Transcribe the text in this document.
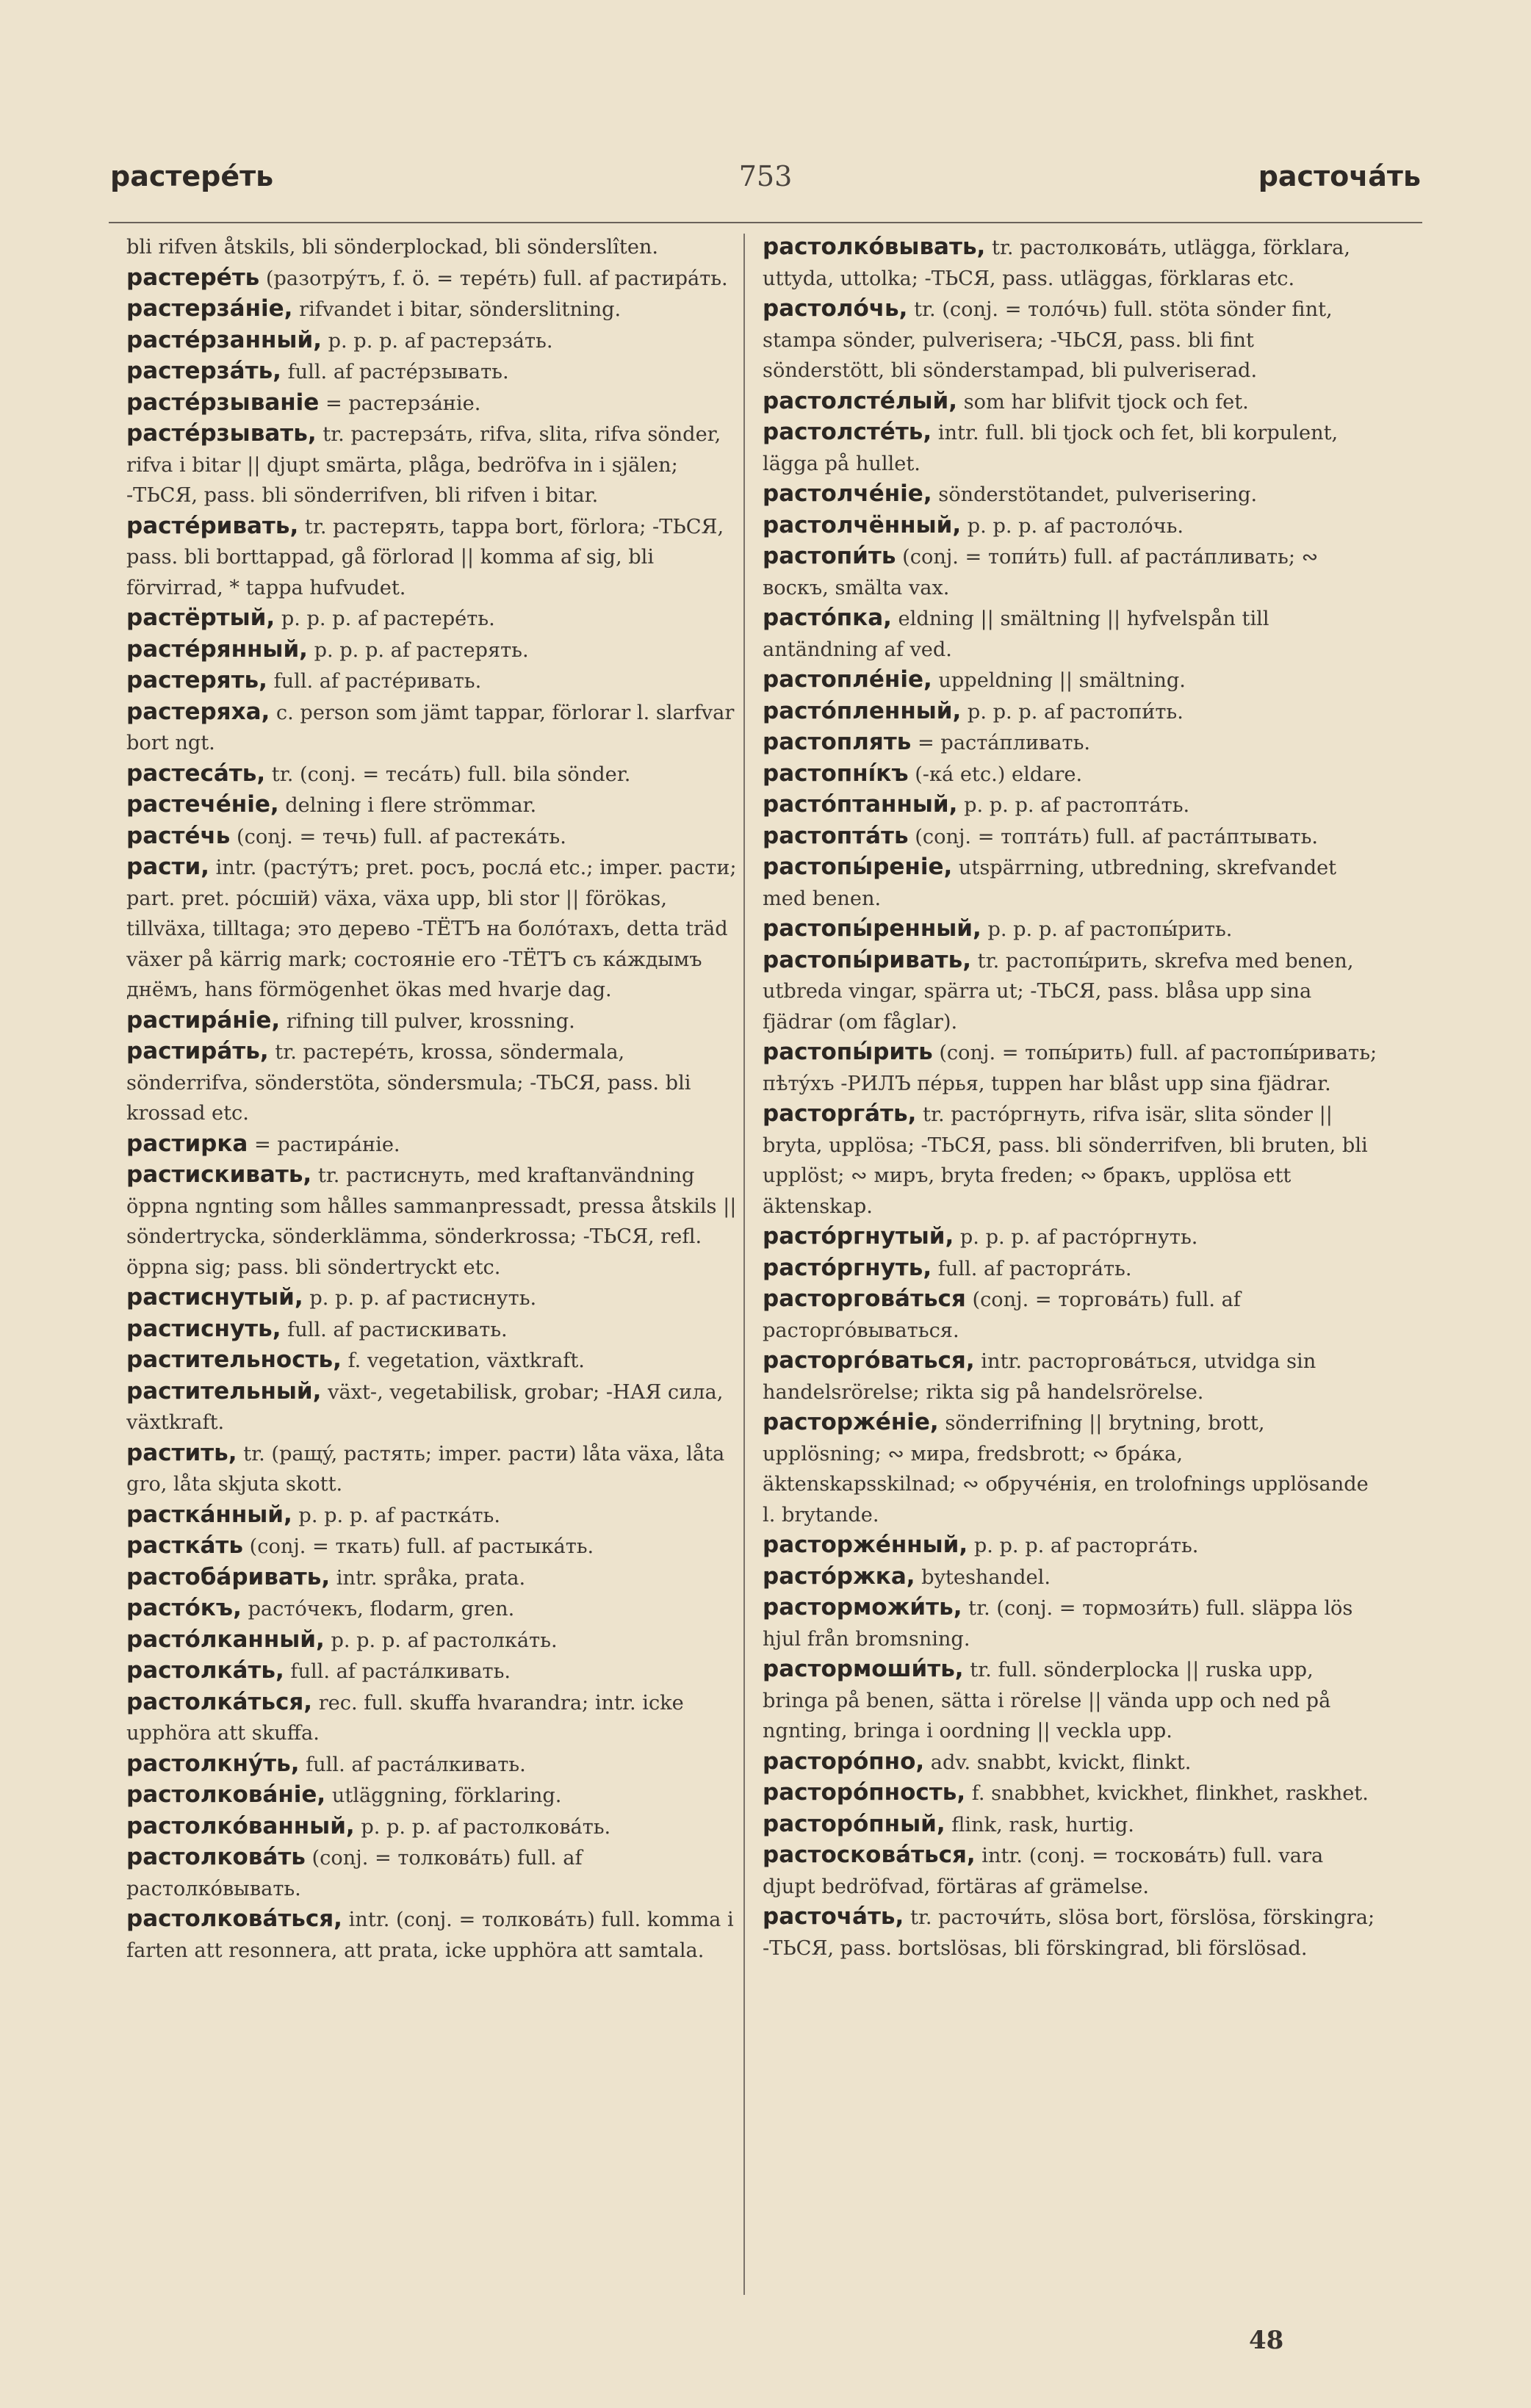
растерéть	753	расточáть

bli rifven åtskils, bli sönderplockad, bli sönderslîten.

растерéть (разотрýтъ, f. ö. = терéть) full. af растирáть.

растерзáнie, rifvandet i bitar, sönderslitning.

растéрзанный, p. p. p. af растерзáть.

растерзáть, full. af растéрзывать.

растéрзыванie = растерзáнie.

растéрзывать, tr. растерзáть, rifva, slita, rifva sönder, rifva i bitar || djupt smärta, plåga, bedröfva in i själen; -ТЬСЯ, pass. bli sönderrifven, bli rifven i bitar.

растéривать, tr. растерять, tappa bort, förlora; -ТЬСЯ, pass. bli borttappad, gå förlorad || komma af sig, bli förvirrad, * tappa hufvudet.

растёртый, p. p. p. af растерéть.

растéрянный, p. p. p. af растерять.

растерять, full. af растéривать.

растеряха, c. person som jämt tappar, förlorar l. slarfvar bort ngt.

растесáть, tr. (conj. = тесáть) full. bila sönder.

растечéнie, delning i flere strömmar.

растéчь (conj. = течь) full. af растекáть.

расти, intr. (растýтъ; pret. росъ, рослá etc.; imper. расти; part. pret. рóсшiй) växa, växa upp, bli stor || förökas, tillväxa, tilltaga; это дерево -ТЁТЪ на болóтахъ, detta träd växer på kärrig mark; состоянie его -ТЁТЪ съ кáждымъ днёмъ, hans förmögenhet ökas med hvarje dag.

растирáнie, rifning till pulver, krossning.

растирáть, tr. растерéть, krossa, söndermala, sönderrifva, sönderstöta, söndersmula; -ТЬСЯ, pass. bli krossad etc.

растирка = растирáнie.

растискивать, tr. растиснуть, med kraftanvändning öppna ngnting som hålles sammanpressadt, pressa åtskils || söndertrycka, sönderklämma, sönderkrossa; -ТЬСЯ, refl. öppna sig; pass. bli söndertryckt etc.

растиснутый, p. p. p. af растиснуть.

растиснуть, full. af растискивать.

растительность, f. vegetation, växtkraft.

растительный, växt-, vegetabilisk, grobar; -НАЯ сила, växtkraft.

растить, tr. (ращý, растять; imper. расти) låta växa, låta gro, låta skjuta skott.

расткáнный, p. p. p. af расткáть.

расткáть (conj. = ткать) full. af растыкáть.

растобáривать, intr. språka, prata.

растóкъ, растóчекъ, flodarm, gren.

растóлканный, p. p. p. af растолкáть.

растолкáть, full. af растáлкивать.

растолкáться, rec. full. skuffa hvarandra; intr. icke upphöra att skuffa.

растолкнýть, full. af растáлкивать.

растолковáнie, utläggning, förklaring.

растолкóванный, p. p. p. af растолковáть.

растолковáть (conj. = толковáть) full. af растолкóвывать.

растолковáться, intr. (conj. = толковáть) full. komma i farten att resonnera, att prata, icke upphöra att samtala.

растолкóвывать, tr. растолковáть, utlägga, förklara, uttyda, uttolka; -ТЬСЯ, pass. utläggas, förklaras etc.

растолóчь, tr. (conj. = толóчь) full. stöta sönder fint, stampa sönder, pulverisera; -ЧЬСЯ, pass. bli fint sönderstött, bli sönderstampad, bli pulveriserad.

растолстéлый, som har blifvit tjock och fet.

растолстéть, intr. full. bli tjock och fet, bli korpulent, lägga på hullet.

растолчéнie, sönderstötandet, pulverisering.

растолчённый, p. p. p. af растолóчь.

растопи́ть (conj. = топи́ть) full. af растáпливать; ∾ воскъ, smälta vax.

растóпка, eldning || smältning || hyfvelspån till antändning af ved.

растоплéнie, uppeldning || smältning.

растóпленный, p. p. p. af растопи́ть.

растоплять = растáпливать.

растопнíкъ (-кá etc.) eldare.

растóптанный, p. p. p. af растоптáть.

растоптáть (conj. = топтáть) full. af растáптывать.

растопы́ренie, utspärrning, utbredning, skrefvandet med benen.

растопы́ренный, p. p. p. af растопы́рить.

растопы́ривать, tr. растопы́рить, skrefva med benen, utbreda vingar, spärra ut; -ТЬСЯ, pass. blåsa upp sina fjädrar (om fåglar).

растопы́рить (conj. = топы́рить) full. af растопы́ривать; пѣтýхъ -РИЛЪ пéрья, tuppen har blåst upp sina fjädrar.

расторгáть, tr. растóргнуть, rifva isär, slita sönder || bryta, upplösa; -ТЬСЯ, pass. bli sönderrifven, bli bruten, bli upplöst; ∾ миръ, bryta freden; ∾ бракъ, upplösa ett äktenskap.

растóргнутый, p. p. p. af растóргнуть.

растóргнуть, full. af расторгáть.

расторговáться (conj. = торговáть) full. af расторгóвываться.

расторгóваться, intr. расторговáться, utvidga sin handelsrörelse; rikta sig på handelsrörelse.

расторжéнie, sönderrifning || brytning, brott, upplösning; ∾ мира, fredsbrott; ∾ брáка, äktenskapsskilnad; ∾ обручéнiя, en trolofnings upplösande l. brytande.

расторжéнный, p. p. p. af расторгáть.

растóржка, byteshandel.

расторможи́ть, tr. (conj. = тормози́ть) full. släppa lös hjul från bromsning.

растормоши́ть, tr. full. sönderplocka || ruska upp, bringa på benen, sätta i rörelse || vända upp och ned på ngnting, bringa i oordning || veckla upp.

расторóпно, adv. snabbt, kvickt, flinkt.

расторóпность, f. snabbhet, kvickhet, flinkhet, raskhet.

расторóпный, flink, rask, hurtig.

растосковáться, intr. (conj. = тосковáть) full. vara djupt bedröfvad, förtäras af grämelse.

расточáть, tr. расточи́ть, slösa bort, förslösa, förskingra; -ТЬСЯ, pass. bortslösas, bli förskingrad, bli förslösad.

48
